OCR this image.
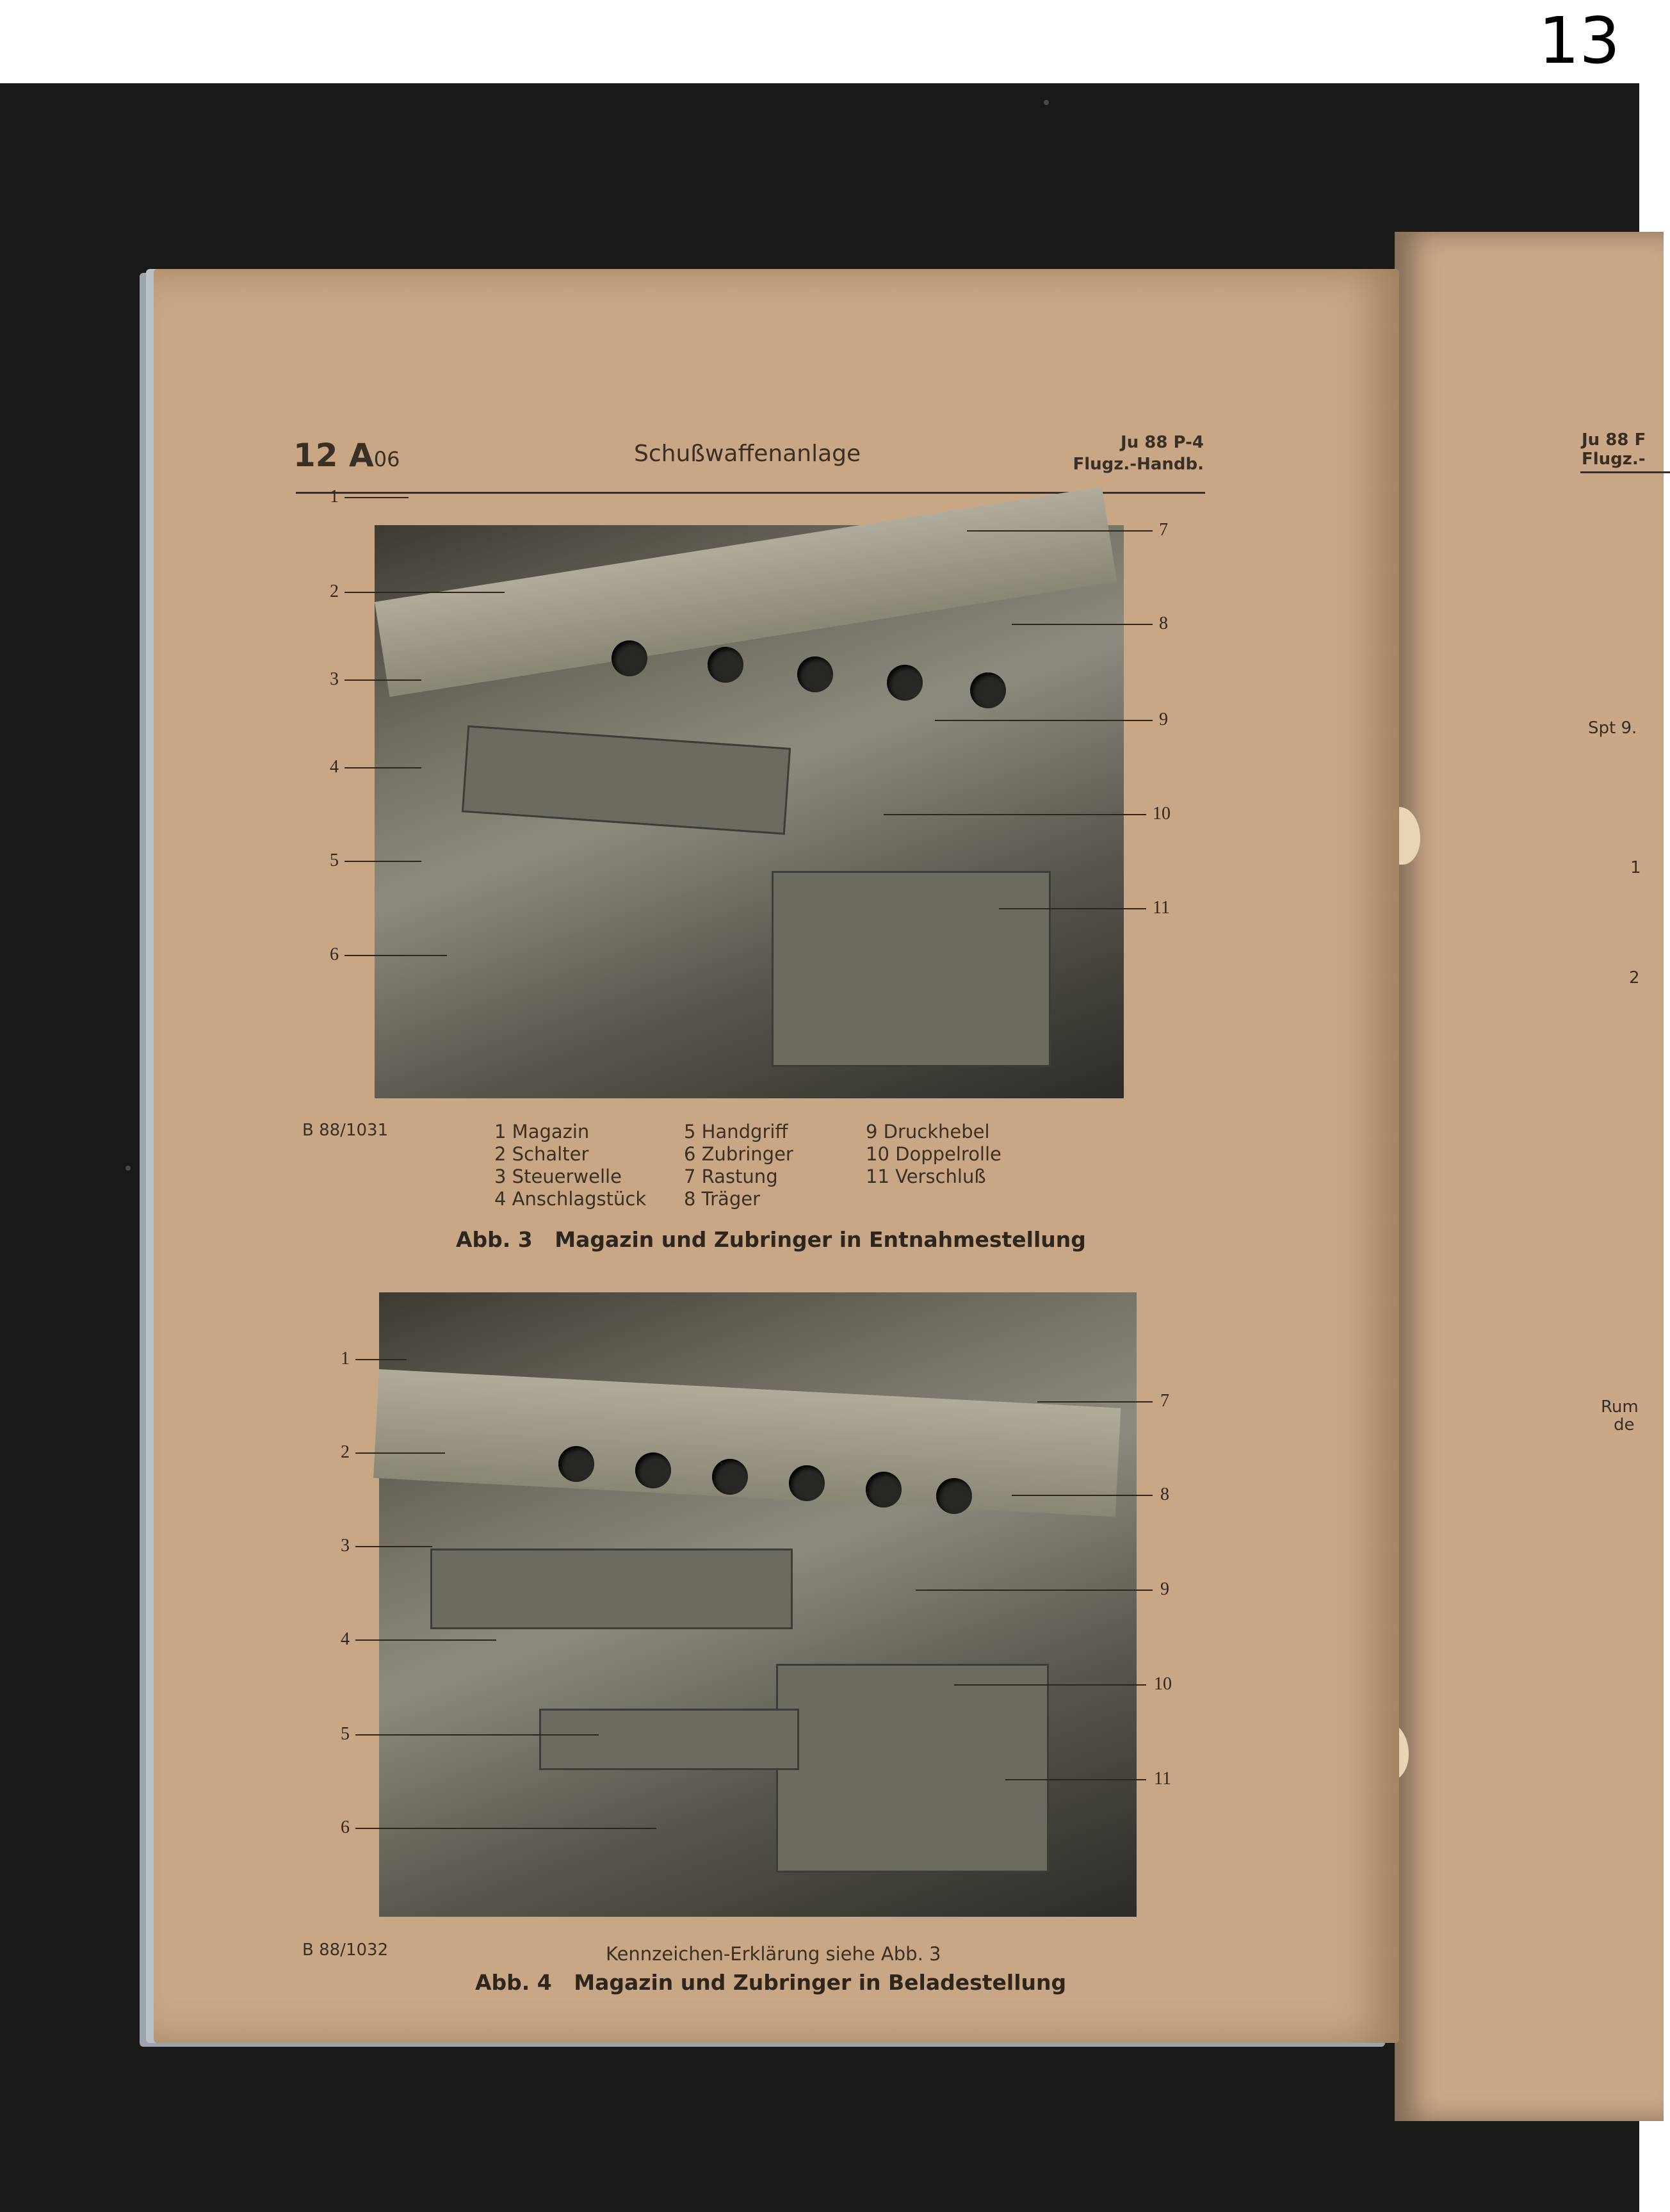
13
Ju 88 F
Flugz.-
Spt 9.
1
2
Rum
de
12 A06	Schußwaffenanlage	Ju 88 P-4
Flugz.-Handb.
1
2
3
4
5
6
7
8
9
10
11
B 88/1031	1 Magazin
2 Schalter
3 Steuerwelle
4 Anschlagstück
5 Handgriff
6 Zubringer
7 Rastung
8 Träger
9 Druckhebel
10 Doppelrolle
11 Verschluß
Abb. 3   Magazin und Zubringer in Entnahmestellung
1
2
3
4
5
6
7
8
9
10
11
B 88/1032	Kennzeichen-Erklärung siehe Abb. 3
Abb. 4   Magazin und Zubringer in Beladestellung
